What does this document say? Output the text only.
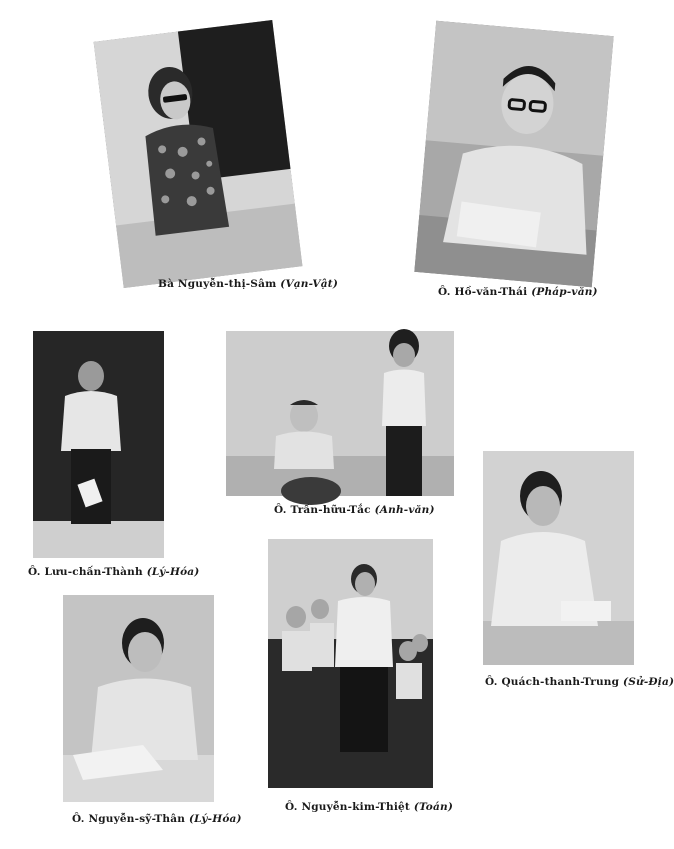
Bà Nguyễn-thị-Sâm (Vạn-Vật)
Ô. Hồ-văn-Thái (Pháp-văn)
Ô. Lưu-chấn-Thành (Lý-Hóa)
Ô. Trần-hữu-Tắc (Anh-văn)
Ô. Quách-thanh-Trung (Sử-Địa)
Ô. Nguyễn-sỹ-Thân (Lý-Hóa)
Ô. Nguyễn-kim-Thiệt (Toán)
